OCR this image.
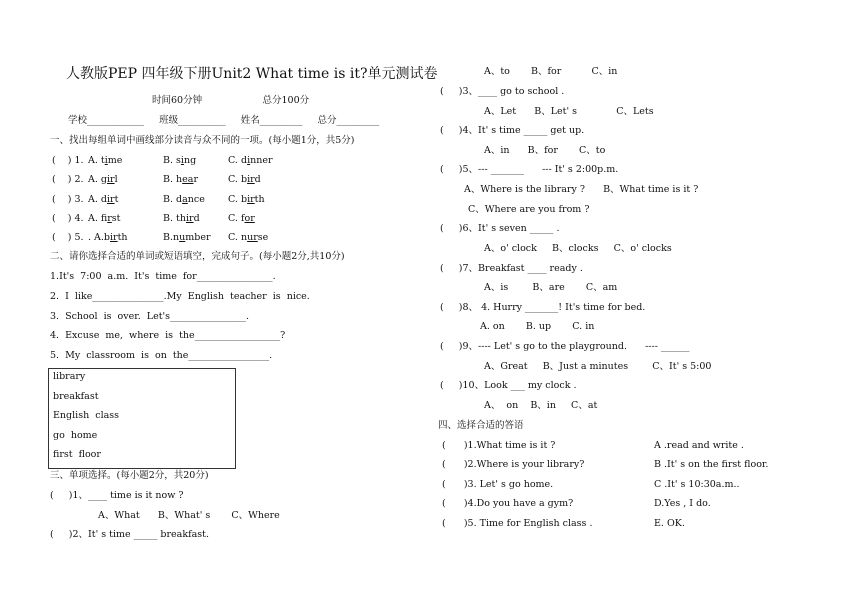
人教版PEP 四年级下册Unit2 What time is it?单元测试卷
时间60分钟                    总分100分
学校____________     班级__________     姓名_________     总分_________
一、找出每组单词中画线部分读音与众不同的一项。(每小题1分，共5分)
(    ) 1. A. time	B. sing	C. dinner
(    ) 2. A. girl	B. hear	C. bird
(    ) 3. A. dirt	B. dance C. birth
(    ) 4. A. first	B. third	C. for
(    ) 5. . A.birth	B.number C. nurse
二、请你选择合适的单词或短语填空，完成句子。(每小题2分,共10分)
1.It's  7:00  a.m.  It's  time  for________________.
2.  I  like_______________.My  English  teacher  is  nice.
3.  School  is  over.  Let's________________.
4.  Excuse  me,  where  is  the__________________?
5.  My  classroom  is  on  the_________________.
library
breakfast
English  class
go  home
first  floor
三、单项选择。(每小题2分，共20分)
(     )1、____ time is it now ?
A、What      B、What' s       C、Where
(     )2、It' s time _____ breakfast.
A、to       B、for          C、in
(     )3、____ go to school .
A、Let      B、Let' s             C、Lets
(     )4、It' s time _____ get up.
A、in      B、for       C、to
(     )5、--- _______      --- It' s 2:00p.m.
A、Where is the library ?      B、What time is it ?
C、Where are you from ?
(     )6、It' s seven _____ .
A、o' clock     B、clocks     C、o' clocks
(     )7、Breakfast ____ ready .
A、is        B、are       C、am
(     )8、 4. Hurry _______! It's time for bed.
A. on       B. up       C. in
(     )9、---- Let' s go to the playground.      ---- ______
A、Great     B、Just a minutes        C、It' s 5:00
(     )10、Look ___ my clock .
A、  on    B、in     C、at
四、选择合适的答语
(      )1.What time is it ?	A .read and write .
(      )2.Where is your library?	B .It' s on the first floor.
(      )3. Let' s go home.	C .It' s 10:30a.m..
(      )4.Do you have a gym?	D.Yes , I do.
(      )5. Time for English class .	E. OK.
